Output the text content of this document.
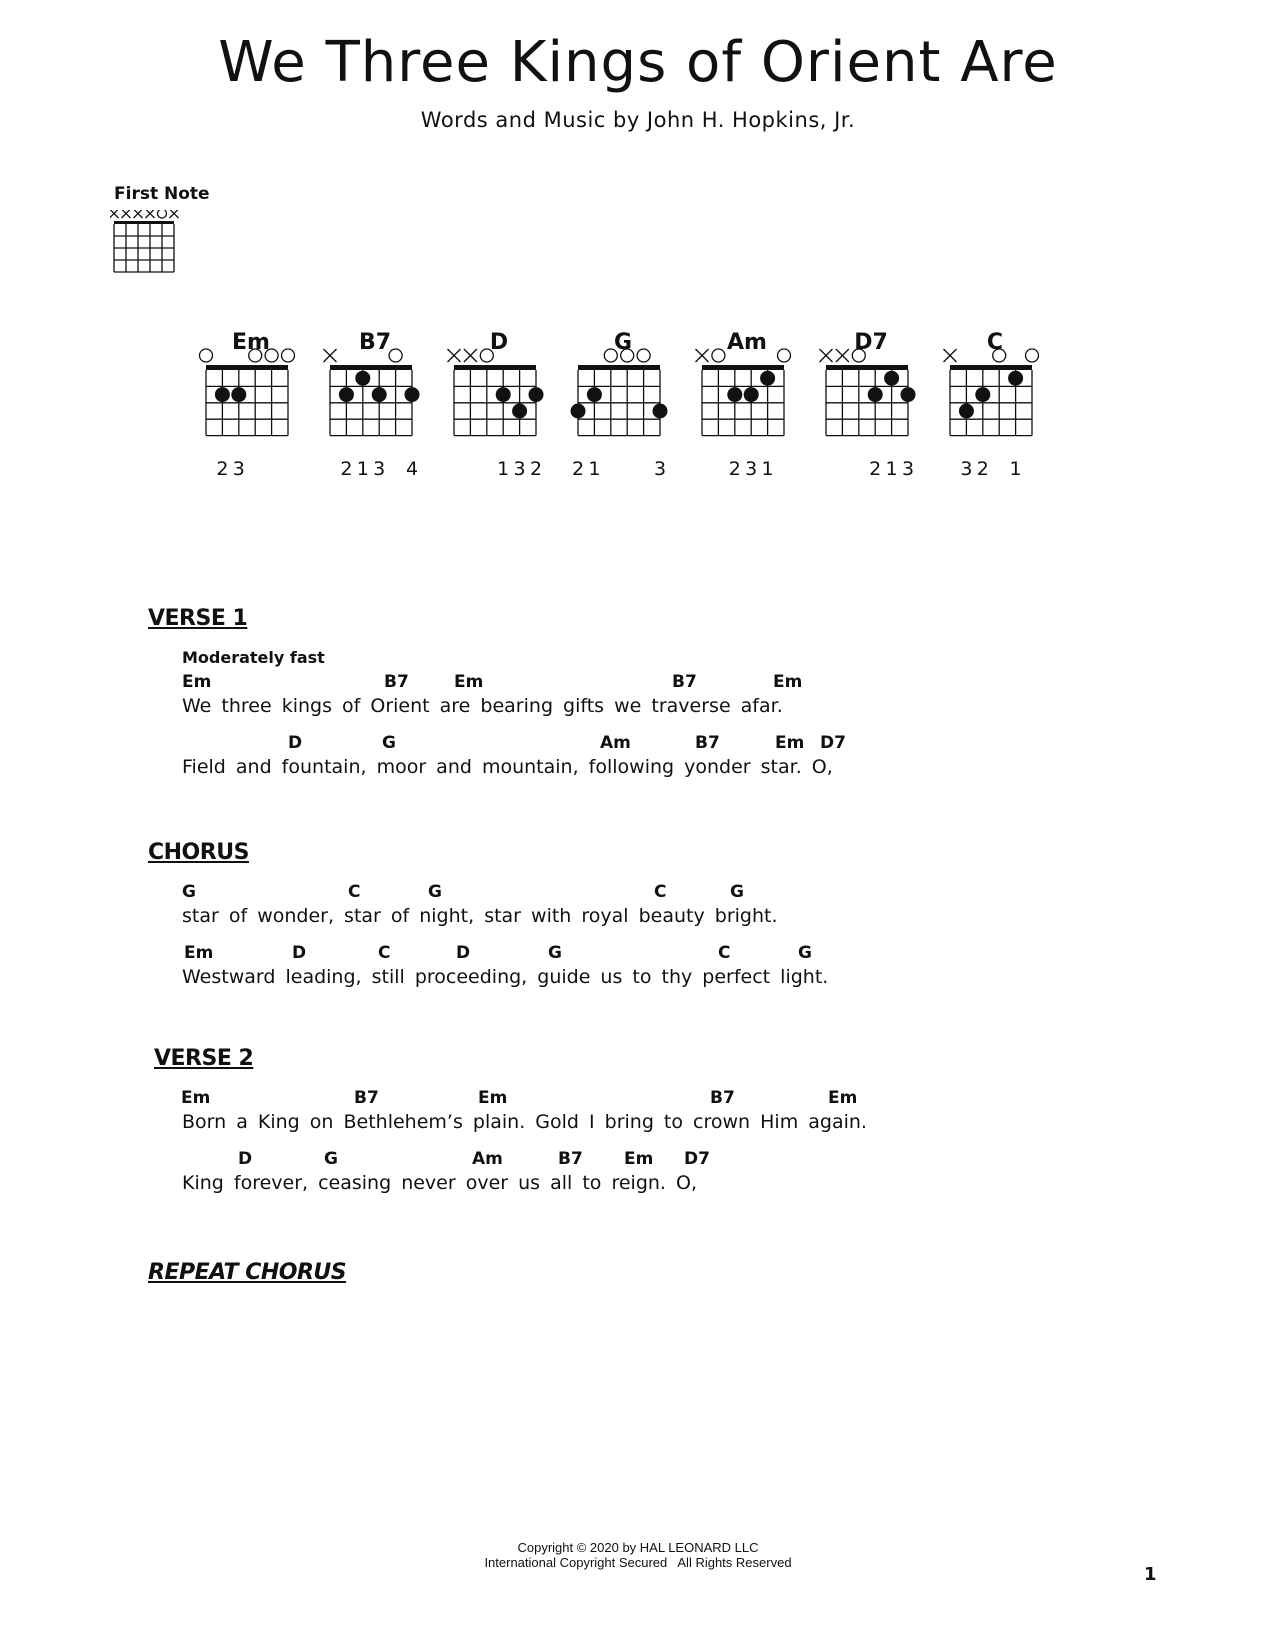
We Three Kings of Orient Are
Words and Music by John H. Hopkins, Jr.
First Note
Em
2 3
B7
2 1 3 4
D
1 3 2
G
2 1	3
Am
2 3 1
D7
2 1 3
C
3 2 1
VERSE 1
Moderately fast
Em	B7	Em	B7	Em
We three kings of Orient are bearing gifts we traverse afar.
D	G	Am	B7	Em D7
Field and fountain, moor and mountain, following yonder star. O,
CHORUS
G	C	G	C	G
star of wonder, star of night, star with royal beauty bright.
Em	D	C	D	G	C	G
Westward leading, still proceeding, guide us to thy perfect light.
VERSE 2
Em	B7	Em	B7	Em
Born a King on Bethlehem’s plain. Gold I bring to crown Him again.
D	G	Am	B7 Em D7
King forever, ceasing never over us all to reign. O,
REPEAT CHORUS
Copyright © 2020 by HAL LEONARD LLC
International Copyright Secured   All Rights Reserved
1
